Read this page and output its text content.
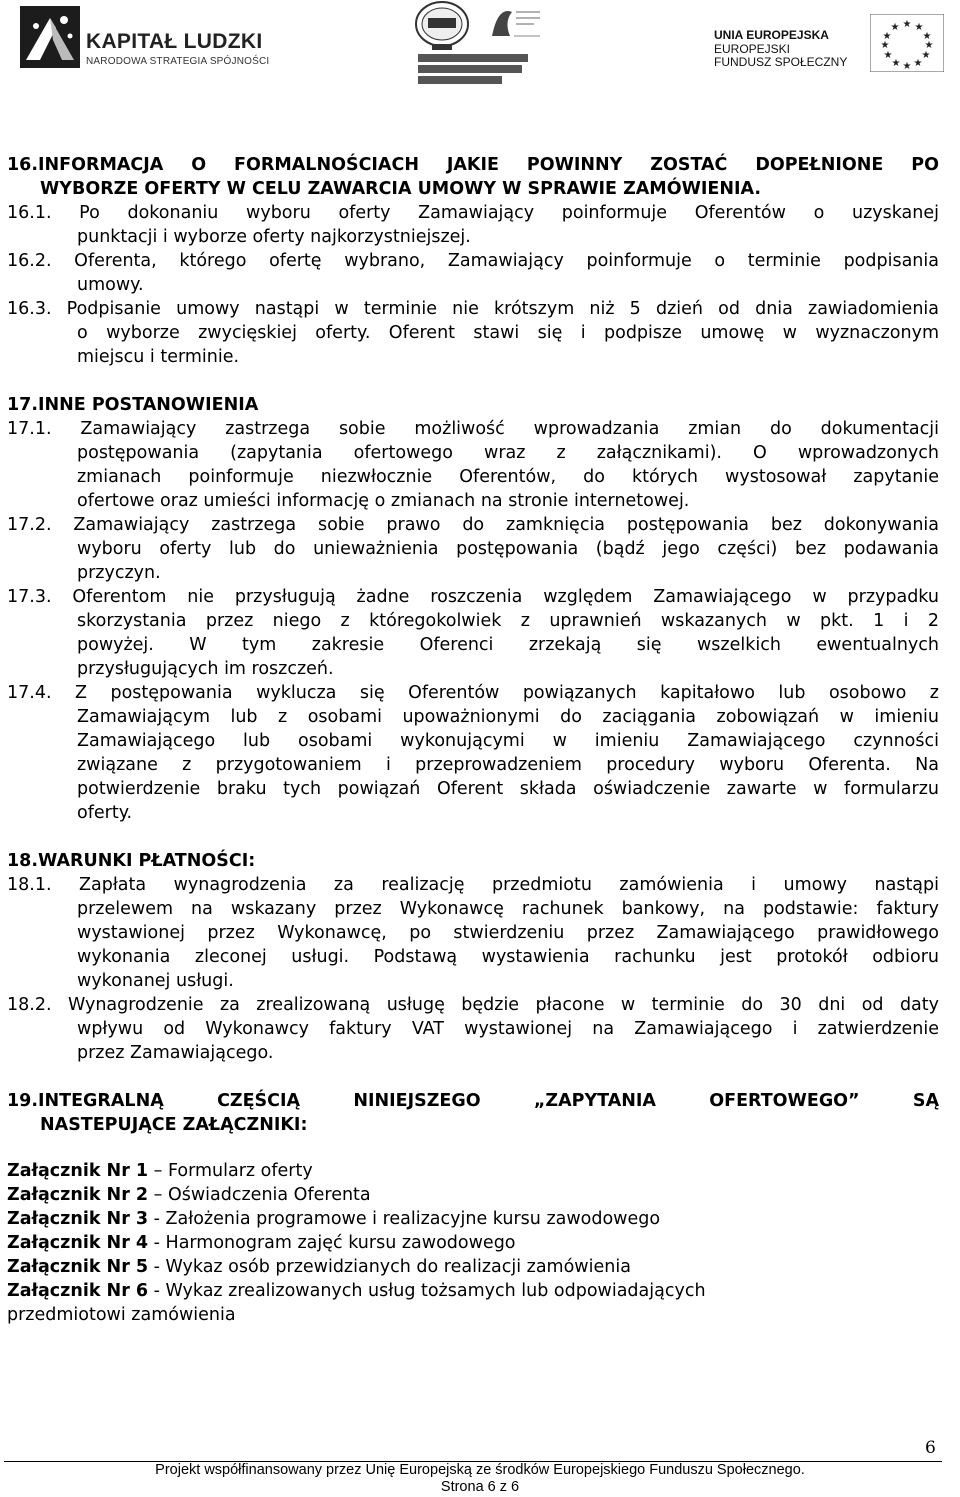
KAPITAŁ LUDZKI
NARODOWA STRATEGIA SPÓJNOŚCI
UNIA EUROPEJSKA
EUROPEJSKI
FUNDUSZ SPOŁECZNY
★ ★
★
★
★
★
★
★
★
★
★
★
16.INFORMACJA O FORMALNOŚCIACH JAKIE POWINNY ZOSTAĆ DOPEŁNIONE PO
WYBORZE OFERTY W CELU ZAWARCIA UMOWY W SPRAWIE ZAMÓWIENIA.
16.1. Po dokonaniu wyboru oferty Zamawiający poinformuje Oferentów o uzyskanej
punktacji i wyborze oferty najkorzystniejszej.
16.2. Oferenta, którego ofertę wybrano, Zamawiający poinformuje o terminie podpisania
umowy.
16.3. Podpisanie umowy nastąpi w terminie nie krótszym niż 5 dzień od dnia zawiadomienia
o wyborze zwycięskiej oferty. Oferent stawi się i podpisze umowę w wyznaczonym
miejscu i terminie.
17.INNE POSTANOWIENIA
17.1. Zamawiający zastrzega sobie możliwość wprowadzania zmian do dokumentacji
postępowania (zapytania ofertowego wraz z załącznikami). O wprowadzonych
zmianach poinformuje niezwłocznie Oferentów, do których wystosował zapytanie
ofertowe oraz umieści informację o zmianach na stronie internetowej.
17.2. Zamawiający zastrzega sobie prawo do zamknięcia postępowania bez dokonywania
wyboru oferty lub do unieważnienia postępowania (bądź jego części) bez podawania
przyczyn.
17.3. Oferentom nie przysługują żadne roszczenia względem Zamawiającego w przypadku
skorzystania przez niego z któregokolwiek z uprawnień wskazanych w pkt. 1 i 2
powyżej. W tym zakresie Oferenci zrzekają się wszelkich ewentualnych
przysługujących im roszczeń.
17.4. Z postępowania wyklucza się Oferentów powiązanych kapitałowo lub osobowo z
Zamawiającym lub z osobami upoważnionymi do zaciągania zobowiązań w imieniu
Zamawiającego lub osobami wykonującymi w imieniu Zamawiającego czynności
związane z przygotowaniem i przeprowadzeniem procedury wyboru Oferenta. Na
potwierdzenie braku tych powiązań Oferent składa oświadczenie zawarte w formularzu
oferty.
18.WARUNKI PŁATNOŚCI:
18.1. Zapłata wynagrodzenia za realizację przedmiotu zamówienia i umowy nastąpi
przelewem na wskazany przez Wykonawcę rachunek bankowy, na podstawie: faktury
wystawionej przez Wykonawcę, po stwierdzeniu przez Zamawiającego prawidłowego
wykonania zleconej usługi. Podstawą wystawienia rachunku jest protokół odbioru
wykonanej usługi.
18.2. Wynagrodzenie za zrealizowaną usługę będzie płacone w terminie do 30 dni od daty
wpływu od Wykonawcy faktury VAT wystawionej na Zamawiającego i zatwierdzenie
przez Zamawiającego.
19.INTEGRALNĄ CZĘŚCIĄ NINIEJSZEGO „ZAPYTANIA OFERTOWEGO” SĄ
NASTEPUJĄCE ZAŁĄCZNIKI:
Załącznik Nr 1 – Formularz oferty
Załącznik Nr 2 – Oświadczenia Oferenta
Załącznik Nr 3 - Założenia programowe i realizacyjne kursu zawodowego
Załącznik Nr 4 - Harmonogram zajęć kursu zawodowego
Załącznik Nr 5 - Wykaz osób przewidzianych do realizacji zamówienia
Załącznik Nr 6 - Wykaz zrealizowanych usług tożsamych lub odpowiadających
przedmiotowi zamówienia
6
Projekt współfinansowany przez Unię Europejską ze środków Europejskiego Funduszu Społecznego.
Strona 6 z 6
